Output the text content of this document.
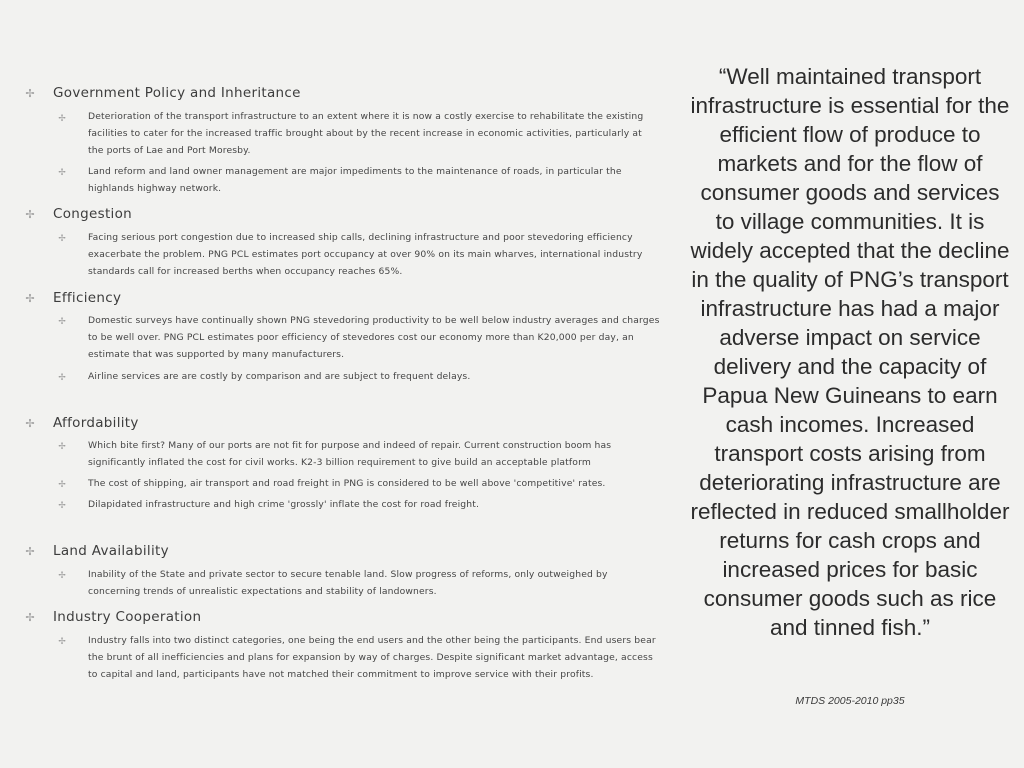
✢ Government Policy and Inheritance
✢ Deterioration of the transport infrastructure to an extent where it is now a costly exercise to rehabilitate the existing facilities to cater for the increased traffic brought about by the recent increase in economic activities, particularly at the ports of Lae and Port Moresby.
✢ Land reform and land owner management are major impediments to the maintenance of roads, in particular the highlands highway network.
✢ Congestion
✢ Facing serious port congestion due to increased ship calls, declining infrastructure and poor stevedoring efficiency exacerbate the problem. PNG PCL estimates port occupancy at over 90% on its main wharves, international industry standards call for increased berths when occupancy reaches 65%.
✢ Efficiency
✢ Domestic surveys have continually shown PNG stevedoring productivity to be well below industry averages and charges to be well over. PNG PCL estimates poor efficiency of stevedores cost our economy more than K20,000 per day, an estimate that was supported by many manufacturers.
✢ Airline services are are costly by comparison and are subject to frequent delays.
✢ Affordability
✢ Which bite first? Many of our ports are not fit for purpose and indeed of repair. Current construction boom has significantly inflated the cost for civil works. K2-3 billion requirement to give build an acceptable platform
✢ The cost of shipping, air transport and road freight in PNG is considered to be well above 'competitive' rates.
✢ Dilapidated infrastructure and high crime 'grossly' inflate the cost for road freight.
✢ Land Availability
✢ Inability of the State and private sector to secure tenable land. Slow progress of reforms, only outweighed by concerning trends of unrealistic expectations and stability of landowners.
✢ Industry Cooperation
✢ Industry falls into two distinct categories, one being the end users and the other being the participants. End users bear the brunt of all inefficiencies and plans for expansion by way of charges. Despite significant market advantage, access to capital and land, participants have not matched their commitment to improve service with their profits.
“Well maintained transport infrastructure is essential for the efficient flow of produce to markets and for the flow of consumer goods and services to village communities. It is widely accepted that the decline in the quality of PNG’s transport infrastructure has had a major adverse impact on service delivery and the capacity of Papua New Guineans to earn cash incomes. Increased transport costs arising from deteriorating infrastructure are reflected in reduced smallholder returns for cash crops and increased prices for basic consumer goods such as rice and tinned fish.”
MTDS 2005-2010 pp35
